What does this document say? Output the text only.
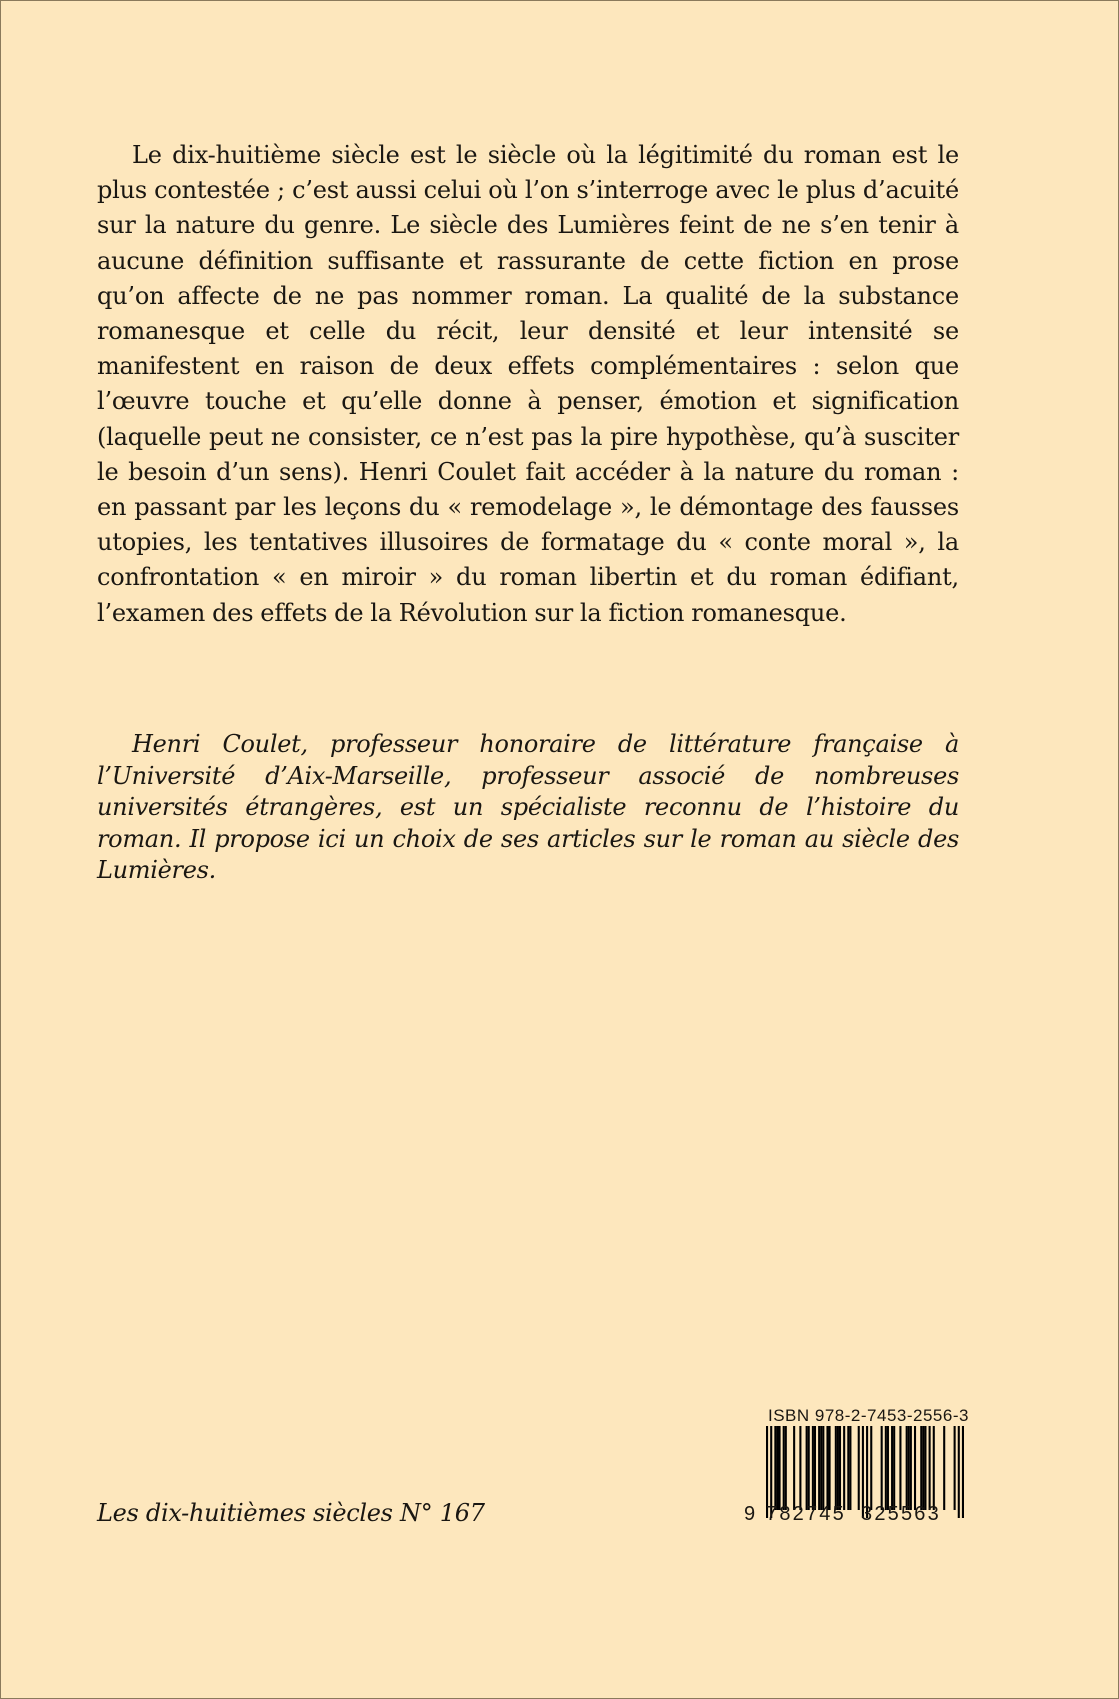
Le dix-huitième siècle est le siècle où la légitimité du roman est le plus contestée ; c’est aussi celui où l’on s’interroge avec le plus d’acuité sur la nature du genre. Le siècle des Lumières feint de ne s’en tenir à aucune définition suffisante et rassurante de cette fiction en prose qu’on affecte de ne pas nommer roman. La qualité de la substance romanesque et celle du récit, leur densité et leur intensité se manifestent en raison de deux effets complémentaires : selon que l’œuvre touche et qu’elle donne à penser, émotion et signification (laquelle peut ne consister, ce n’est pas la pire hypothèse, qu’à susciter le besoin d’un sens). Henri Coulet fait accéder à la nature du roman : en passant par les leçons du « remodelage », le démontage des fausses utopies, les tentatives illusoires de formatage du « conte moral », la confrontation « en miroir » du roman libertin et du roman édifiant, l’examen des effets de la Révolution sur la fiction romanesque.

Henri Coulet, professeur honoraire de littérature française à l’Université d’Aix-Marseille, professeur associé de nombreuses universités étrangères, est un spécialiste reconnu de l’histoire du roman. Il propose ici un choix de ses articles sur le roman au siècle des Lumières.

Les dix-huitièmes siècles N° 167
ISBN 978-2-7453-2556-3
9 782745 325563
